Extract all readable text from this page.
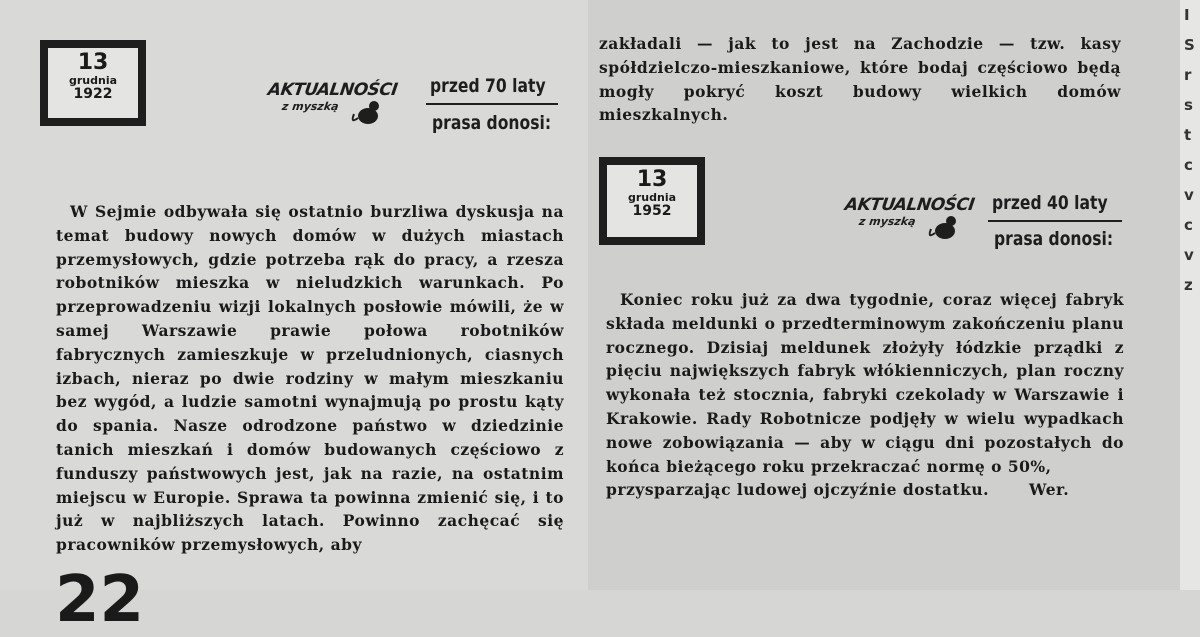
I
S
r
s
t
c
v
c
v
z
13
grudnia
1922	AKTUALNOŚCI
z myszką
przed 70 laty
prasa donosi:

W Sejmie odbywała się ostatnio burzliwa dyskusja na temat budowy nowych domów w dużych miastach przemysłowych, gdzie potrzeba rąk do pracy, a rzesza robotników mieszka w nieludzkich warunkach. Po przeprowadzeniu wizji lokalnych posłowie mówili, że w samej Warszawie prawie połowa robotników fabrycznych zamieszkuje w przeludnionych, ciasnych izbach, nieraz po dwie rodziny w małym mieszkaniu bez wygód, a ludzie samotni wynajmują po prostu kąty do spania. Nasze odrodzone państwo w dziedzinie tanich mieszkań i domów budowanych częściowo z funduszy państwowych jest, jak na razie, na ostatnim miejscu w Europie. Sprawa ta powinna zmienić się, i to już w najbliższych latach. Powinno zachęcać się pracowników przemysłowych, aby

22

zakładali — jak to jest na Zachodzie — tzw. kasy spółdzielczo-mieszkaniowe, które bodaj częściowo będą mogły pokryć koszt budowy wielkich domów mieszkalnych.

13
grudnia
1952	AKTUALNOŚCI
z myszką
przed 40 laty
prasa donosi:

Koniec roku już za dwa tygodnie, coraz więcej fabryk składa meldunki o przedterminowym zakończeniu planu rocznego. Dzisiaj meldunek złożyły łódzkie prządki z pięciu największych fabryk włókienniczych, plan roczny wykonała też stocznia, fabryki czekolady w Warszawie i Krakowie. Rady Robotnicze podjęły w wielu wypadkach nowe zobowiązania — aby w ciągu dni pozostałych do końca bieżącego roku przekraczać normę o 50%,

przysparzając ludowej ojczyźnie dostatku.	Wer.
